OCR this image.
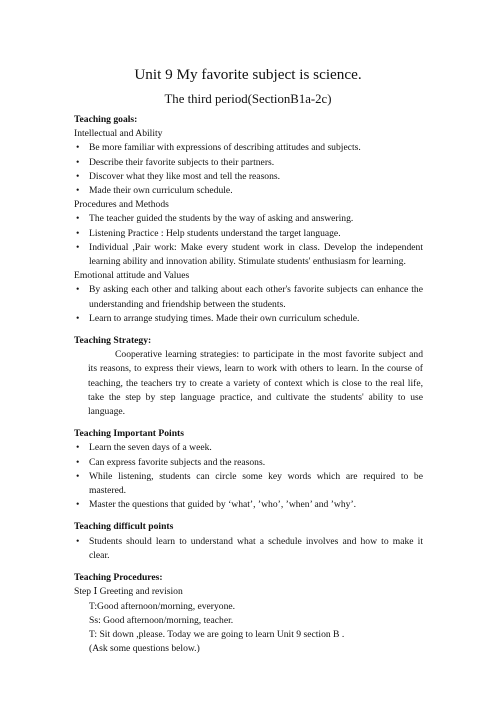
Unit 9 My favorite subject is science.
The third period(SectionB1a-2c)

Teaching goals:

Intellectual and Ability

• Be more familiar with expressions of describing attitudes and subjects.
• Describe their favorite subjects to their partners.
• Discover what they like most and tell the reasons.
• Made their own curriculum schedule.

Procedures and Methods

• The teacher guided the students by the way of asking and answering.
• Listening Practice : Help students understand the target language.
• Individual ,Pair work: Make every student work in class. Develop the independent learning ability and innovation ability. Stimulate students' enthusiasm for learning.

Emotional attitude and Values

• By asking each other and talking about each other's favorite subjects can enhance the understanding and friendship between the students.
• Learn to arrange studying times. Made their own curriculum schedule.

Teaching Strategy:

Cooperative learning strategies: to participate in the most favorite subject and its reasons, to express their views, learn to work with others to learn. In the course of teaching, the teachers try to create a variety of context which is close to the real life, take the step by step language practice, and cultivate the students' ability to use language.

Teaching Important Points

• Learn the seven days of a week.
• Can express favorite subjects and the reasons.
• While listening, students can circle some key words which are required to be mastered.
• Master the questions that guided by ‘what’, ’who’, ’when’ and ’why’.

Teaching difficult points

• Students should learn to understand what a schedule involves and how to make it clear.

Teaching Procedures:

Step Ⅰ Greeting and revision

T:Good afternoon/morning, everyone.

Ss: Good afternoon/morning, teacher.

T: Sit down ,please. Today we are going to learn Unit 9 section B .

(Ask some questions below.)
